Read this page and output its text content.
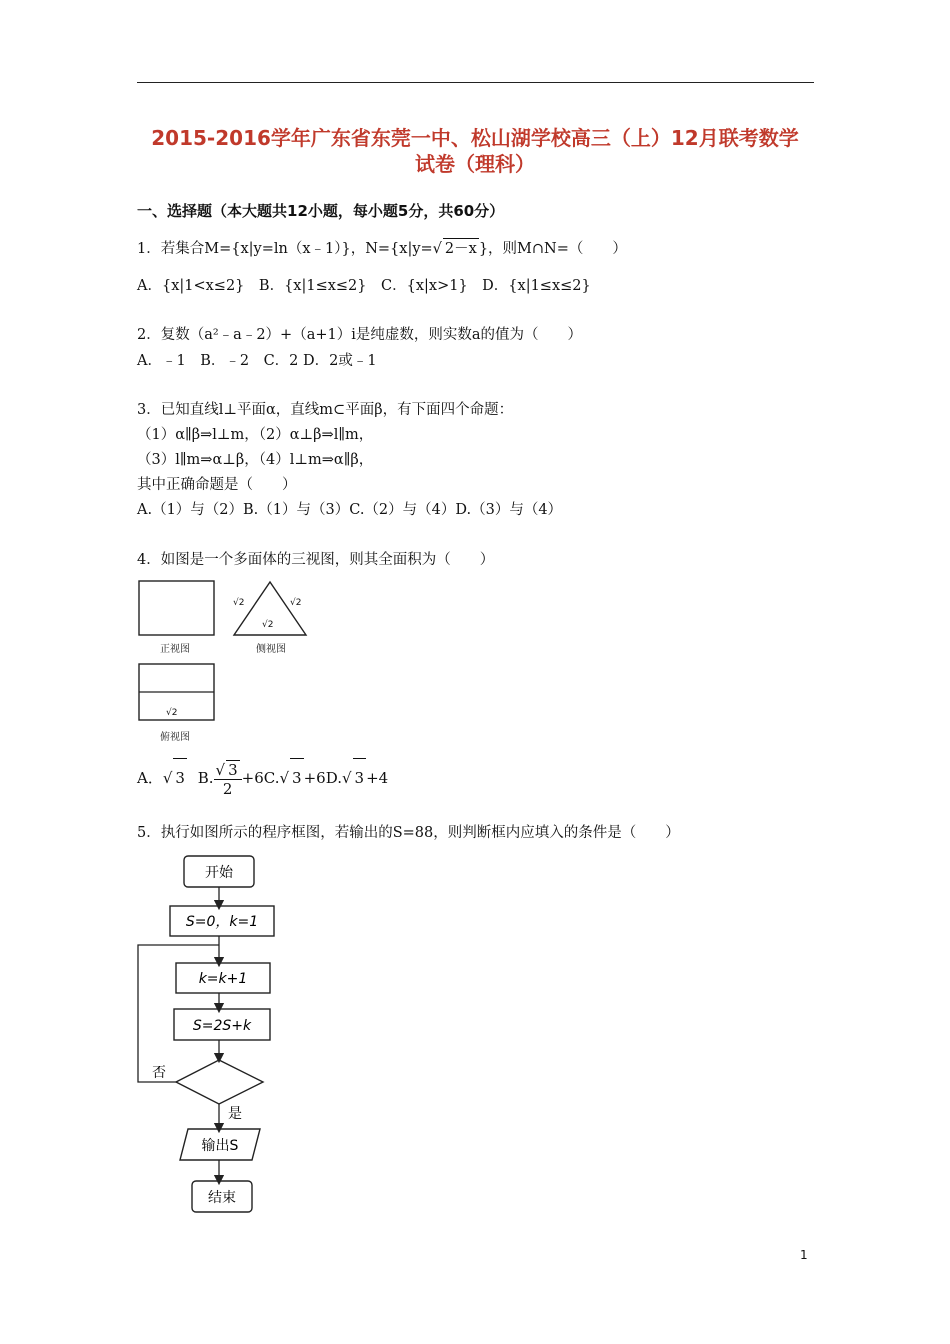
2015-2016学年广东省东莞一中、松山湖学校高三（上）12月联考数学
试卷（理科）
一、选择题（本大题共12小题，每小题5分，共60分）
1．若集合M={x|y=ln（x﹣1）}，N={x|y=√ 2－x }，则M∩N=（　　）
A．{x|1<x≤2}　B．{x|1≤x≤2}　C．{x|x>1}　D．{x|1≤x≤2}
2．复数（a²﹣a﹣2）+（a+1）i是纯虚数，则实数a的值为（　　）
A．﹣1　B．﹣2　C．2 D．2或﹣1
3．已知直线l⊥平面α，直线m⊂平面β，有下面四个命题：
（1）α∥β⇒l⊥m，（2）α⊥β⇒l∥m，
（3）l∥m⇒α⊥β，（4）l⊥m⇒α∥β，
其中正确命题是（　　）
A.（1）与（2）B.（1）与（3）C.（2）与（4）D.（3）与（4）
4．如图是一个多面体的三视图，则其全面积为（　　）
正视图	侧视图
俯视图
√2	√2
√2
√2
A．√ 3 B. $\frac{√ 3}{2} +6C.√$ 3 +6D.√ 3 +4
5．执行如图所示的程序框图，若输出的S=88，则判断框内应填入的条件是（　　）
开始
S=0，k=1
k=k+1
S=2S+k
否
是
输出S
结束
1
